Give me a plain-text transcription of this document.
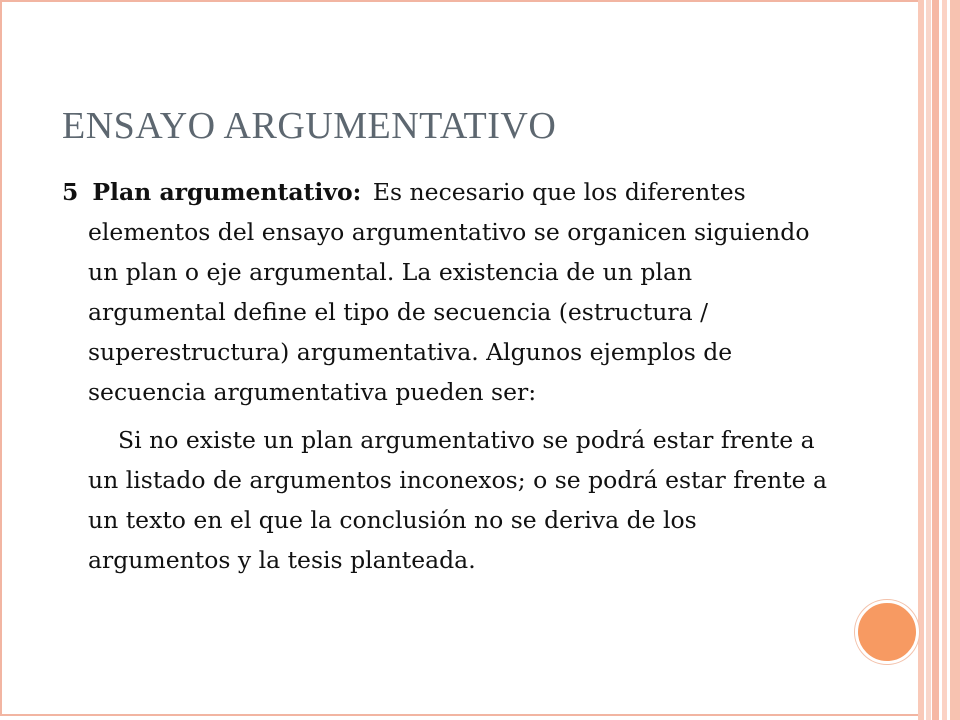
ENSAYO ARGUMENTATIVO

5 Plan argumentativo: Es necesario que los diferentes elementos del ensayo argumentativo se organicen siguiendo un plan o eje argumental. La existencia de un plan argumental define el tipo de secuencia (estructura / superestructura) argumentativa. Algunos ejemplos de secuencia argumentativa pueden ser:

Si no existe un plan argumentativo se podrá estar frente a un listado de argumentos inconexos; o se podrá estar frente a un texto en el que la conclusión no se deriva de los argumentos y la tesis planteada.
